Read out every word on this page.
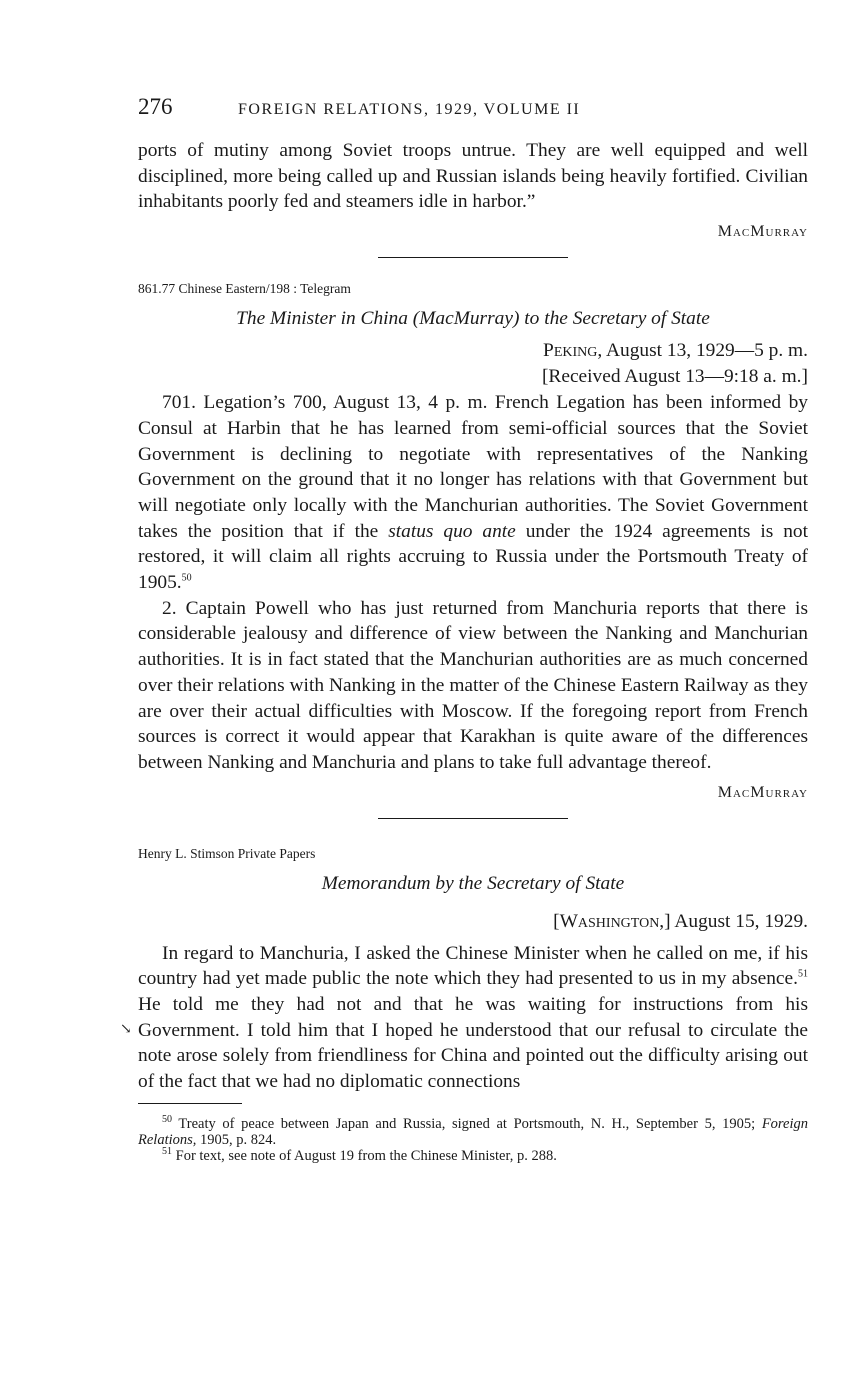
276	FOREIGN RELATIONS, 1929, VOLUME II

ports of mutiny among Soviet troops untrue. They are well equipped and well disciplined, more being called up and Russian islands being heavily fortified. Civilian inhabitants poorly fed and steamers idle in harbor.”

MacMurray
861.77 Chinese Eastern/198 : Telegram
The Minister in China (MacMurray) to the Secretary of State
Peking, August 13, 1929—5 p. m.
[Received August 13—9:18 a. m.]

701. Legation’s 700, August 13, 4 p. m. French Legation has been informed by Consul at Harbin that he has learned from semi-official sources that the Soviet Government is declining to negotiate with representatives of the Nanking Government on the ground that it no longer has relations with that Government but will negotiate only locally with the Manchurian authorities. The Soviet Government takes the position that if the status quo ante under the 1924 agreements is not restored, it will claim all rights accruing to Russia under the Portsmouth Treaty of 1905.50

2. Captain Powell who has just returned from Manchuria reports that there is considerable jealousy and difference of view between the Nanking and Manchurian authorities. It is in fact stated that the Manchurian authorities are as much concerned over their relations with Nanking in the matter of the Chinese Eastern Railway as they are over their actual difficulties with Moscow. If the foregoing report from French sources is correct it would appear that Karakhan is quite aware of the differences between Nanking and Manchuria and plans to take full advantage thereof.

MacMurray
Henry L. Stimson Private Papers
Memorandum by the Secretary of State
[Washington,] August 15, 1929.
↘

In regard to Manchuria, I asked the Chinese Minister when he called on me, if his country had yet made public the note which they had presented to us in my absence.$^{51}$ He told me they had not and that he was waiting for instructions from his Government. I told him that I hoped he understood that our refusal to circulate the note arose solely from friendliness for China and pointed out the difficulty arising out of the fact that we had no diplomatic connections

$^{50}$ Treaty of peace between Japan and Russia, signed at Portsmouth, N. H., September 5, 1905; Foreign Relations, 1905, p. 824.

$^{51}$ For text, see note of August 19 from the Chinese Minister, p. 288.
